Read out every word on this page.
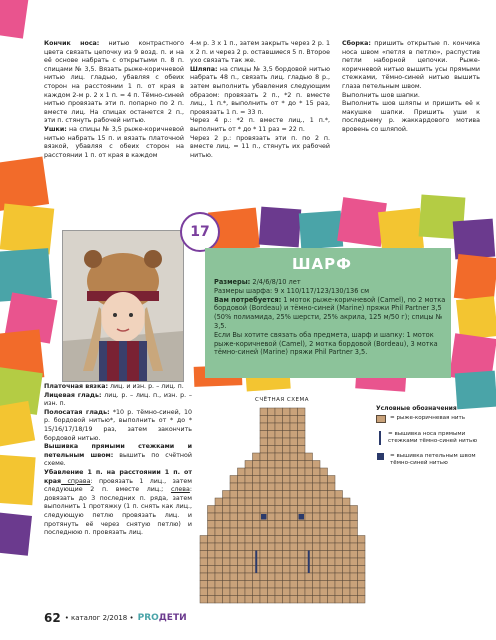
Кончик носа: нитью контрастного цвета связать цепочку из 9 возд. п. и на её основе набрать с открытыми п. 8 п. спицами № 3,5. Вязать рыже-коричневой нитью лиц. гладью, убавляя с обеих сторон на расстоянии 1 п. от края в каждом 2-м р. 2 х 1 п. = 4 п. Тёмно-синей нитью провязать эти п. попарно по 2 п. вместе лиц. На спицах останется 2 п., эти п. стянуть рабочей нитью.

Ушки: на спицы № 3,5 рыже-коричневой нитью набрать 15 п. и вязать платочной вязкой, убавляя с обеих сторон на расстоянии 1 п. от края в каждом

4-м р. 3 х 1 п., затем закрыть через 2 р. 1 х 2 п. и через 2 р. оставшиеся 5 п. Второе ухо связать так же.

Шляпа: на спицы № 3,5 бордовой нитью набрать 48 п., связать лиц. гладью 8 р., затем выполнить убавления следующим образом: провязать 2 п., *2 п. вместе лиц., 1 п.*, выполнить от * до * 15 раз, провязать 1 п. = 33 п.

Через 4 р.: *2 п. вместе лиц., 1 п.*, выполнить от * до * 11 раз = 22 п.

Через 2 р.: провязать эти п. по 2 п. вместе лиц. = 11 п., стянуть их рабочей нитью.

Сборка: пришить открытые п. кончика носа швом «петля в петлю», распустив петли наборной цепочки. Рыже-коричневой нитью вышить усы прямыми стежками, тёмно-синей нитью вышить глаза петельным швом.

Выполнить шов шапки.

Выполнить шов шляпы и пришить её к макушке шапки. Пришить уши к последнему р. жаккардового мотива вровень со шляпой.

17
ШАРФ
Размеры: 2/4/6/8/10 лет
Размеры шарфа: 9 х 110/117/123/130/136 см
Вам потребуется: 1 моток рыже-коричневой (Camel), по 2 мотка бордовой (Bordeau) и тёмно-синей (Marine) пряжи Phil Partner 3,5 (50% полиамида, 25% шерсти, 25% акрила, 125 м/50 г); спицы № 3,5.
Если Вы хотите связать оба предмета, шарф и шапку: 1 моток рыже-коричневой (Camel), 2 мотка бордовой (Bordeau), 3 мотка тёмно-синей (Marine) пряжи Phil Partner 3,5.

Платочная вязка: лиц. и изн. р. – лиц. п.

Лицевая гладь: лиц. р. – лиц. п., изн. р. – изн. п.

Полосатая гладь: *10 р. тёмно-синей, 10 р. бордовой нитью*, выполнить от * до * 15/16/17/18/19 раз, затем закончить бордовой нитью.

Вышивка прямыми стежками и петельным швом: вышить по счётной схеме.

Убавление 1 п. на расстоянии 1 п. от края справа: провязать 1 лиц., затем следующие 2 п. вместе лиц.; слева: довязать до 3 последних п. ряда, затем выполнить 1 протяжку (1 п. снять как лиц., следующую петлю провязать лиц. и протянуть её через снятую петлю) и последнюю п. провязать лиц.

СЧЁТНАЯ СХЕМА
Условные обозначения
= рыже-коричневая нить
= вышивка носа прямыми стежками тёмно-синей нитью
= вышивка петельным швом тёмно-синей нитью
62 • каталог 2/2018 • PROДЕТИ
